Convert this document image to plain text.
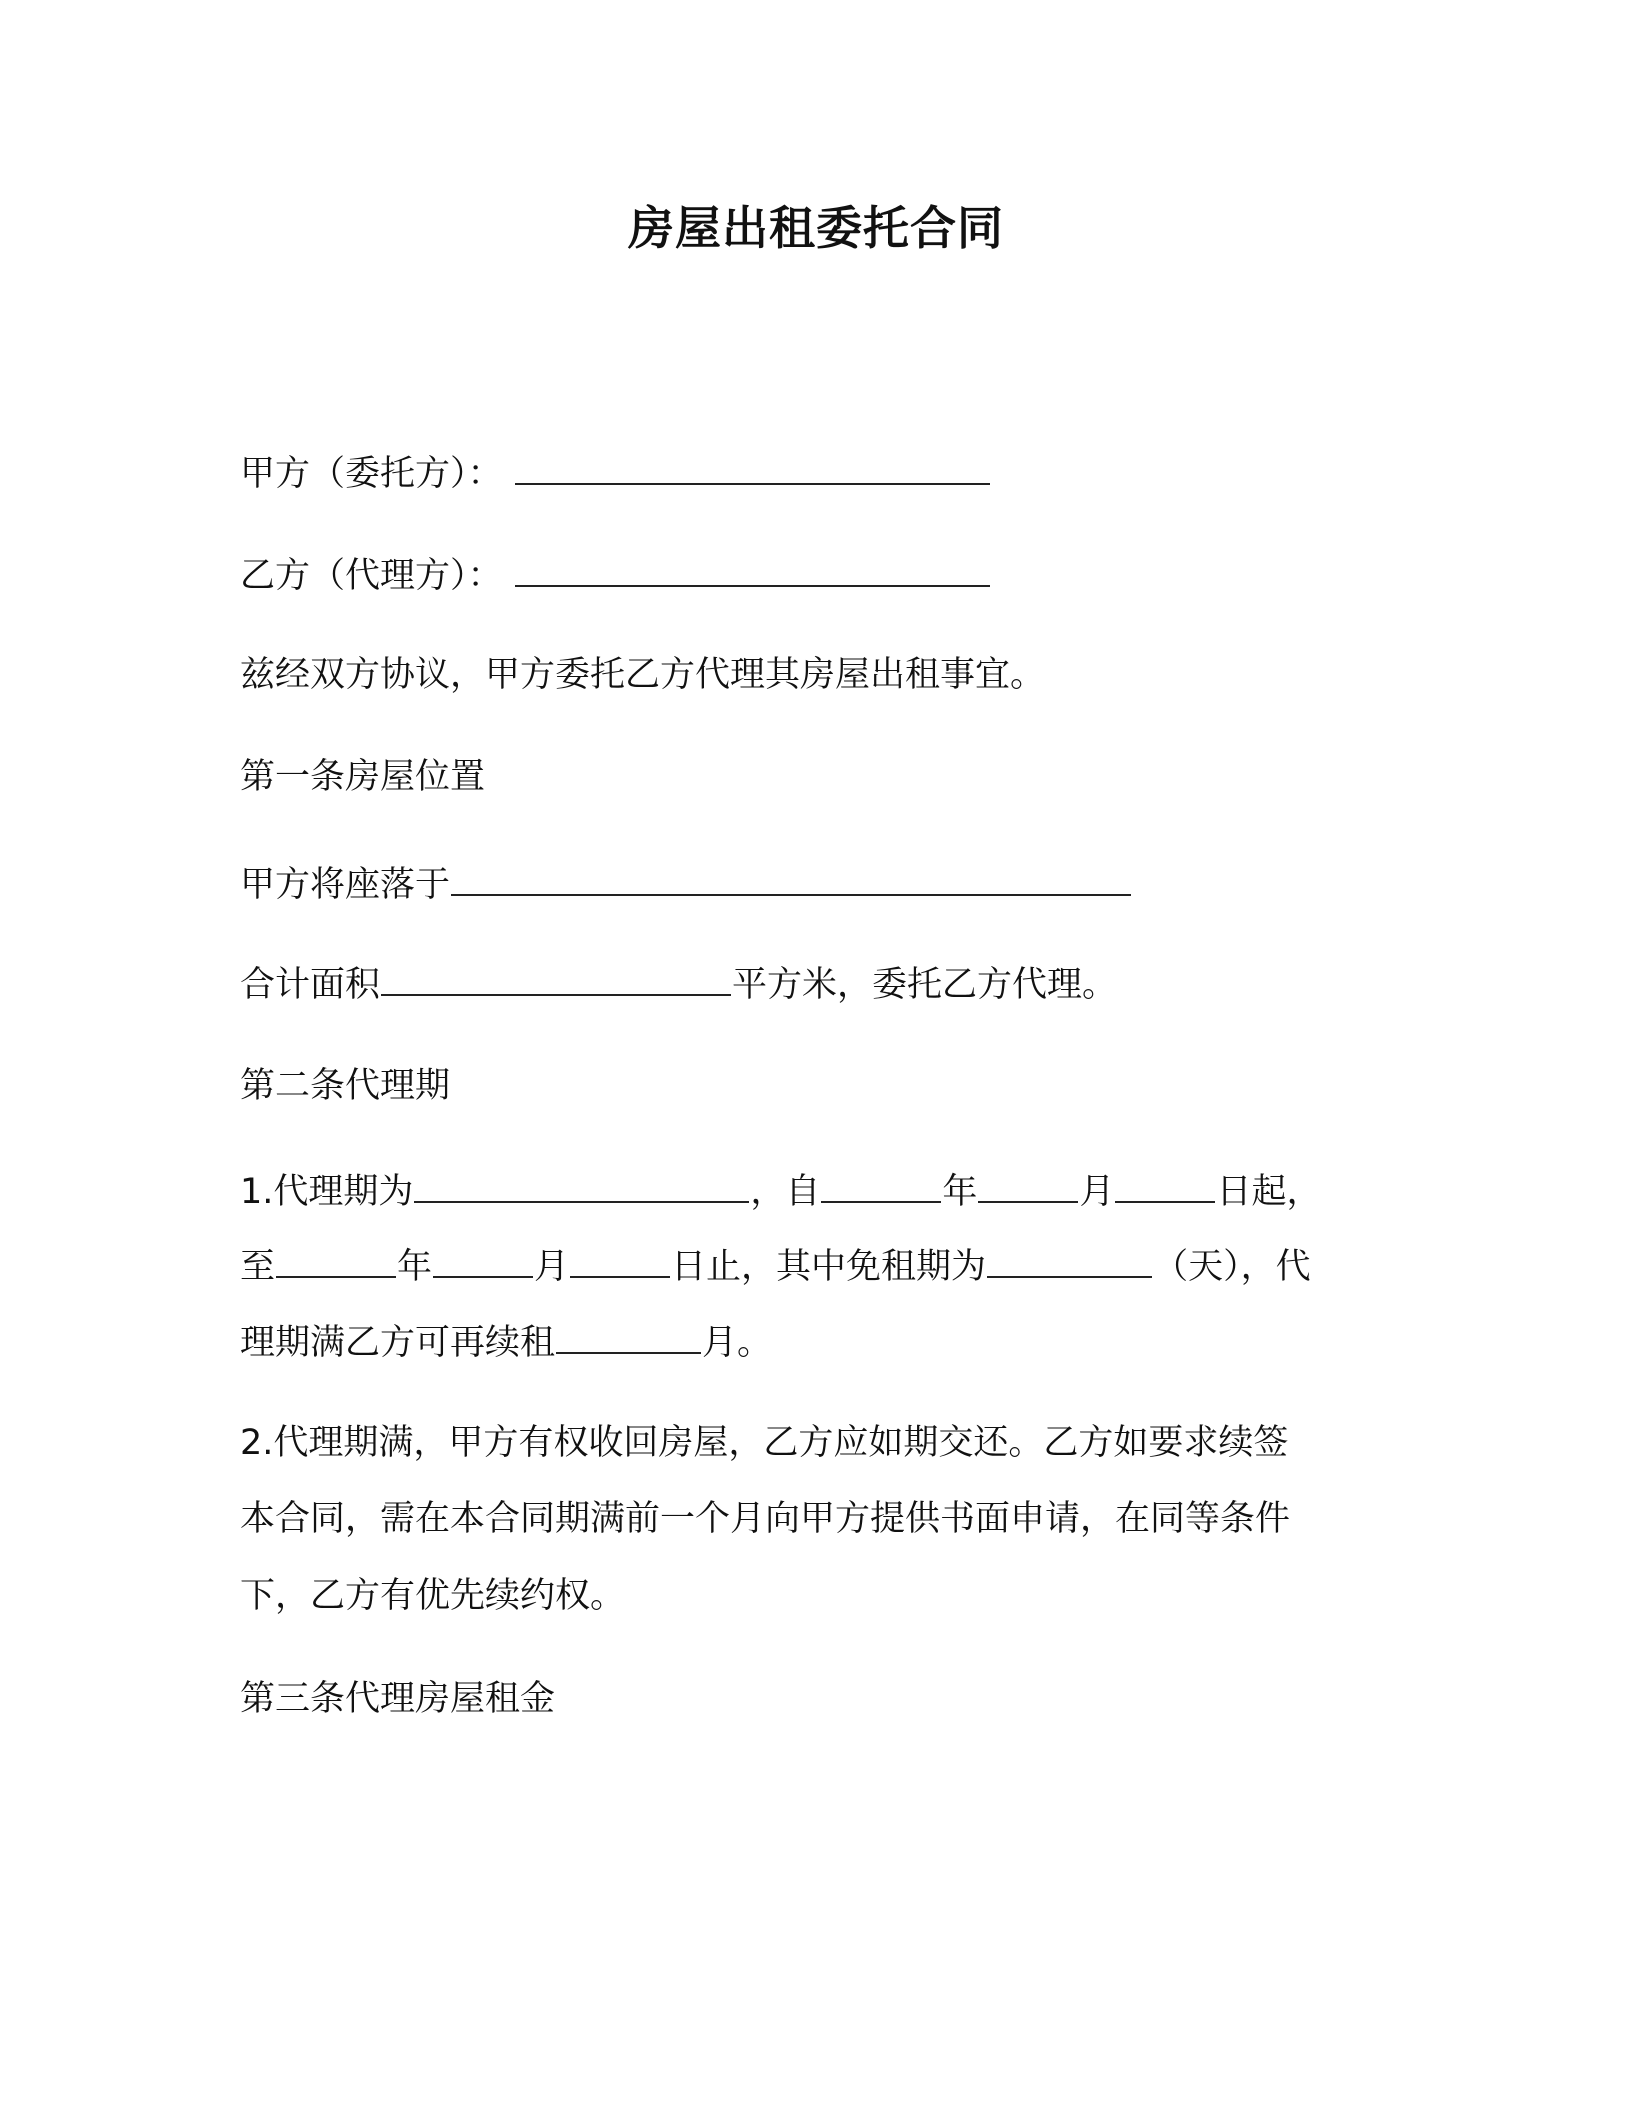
房屋出租委托合同
甲方（委托方）：
乙方（代理方）：
兹经双方协议，甲方委托乙方代理其房屋出租事宜。
第一条房屋位置
甲方将座落于
合计面积	平方米，委托乙方代理。
第二条代理期
1.代理期为	，自	年	月	日起，
至	年	月	日止，其中免租期为	（天），代
理期满乙方可再续租	月。
2.代理期满，甲方有权收回房屋，乙方应如期交还。乙方如要求续签
本合同，需在本合同期满前一个月向甲方提供书面申请，在同等条件
下，乙方有优先续约权。
第三条代理房屋租金
